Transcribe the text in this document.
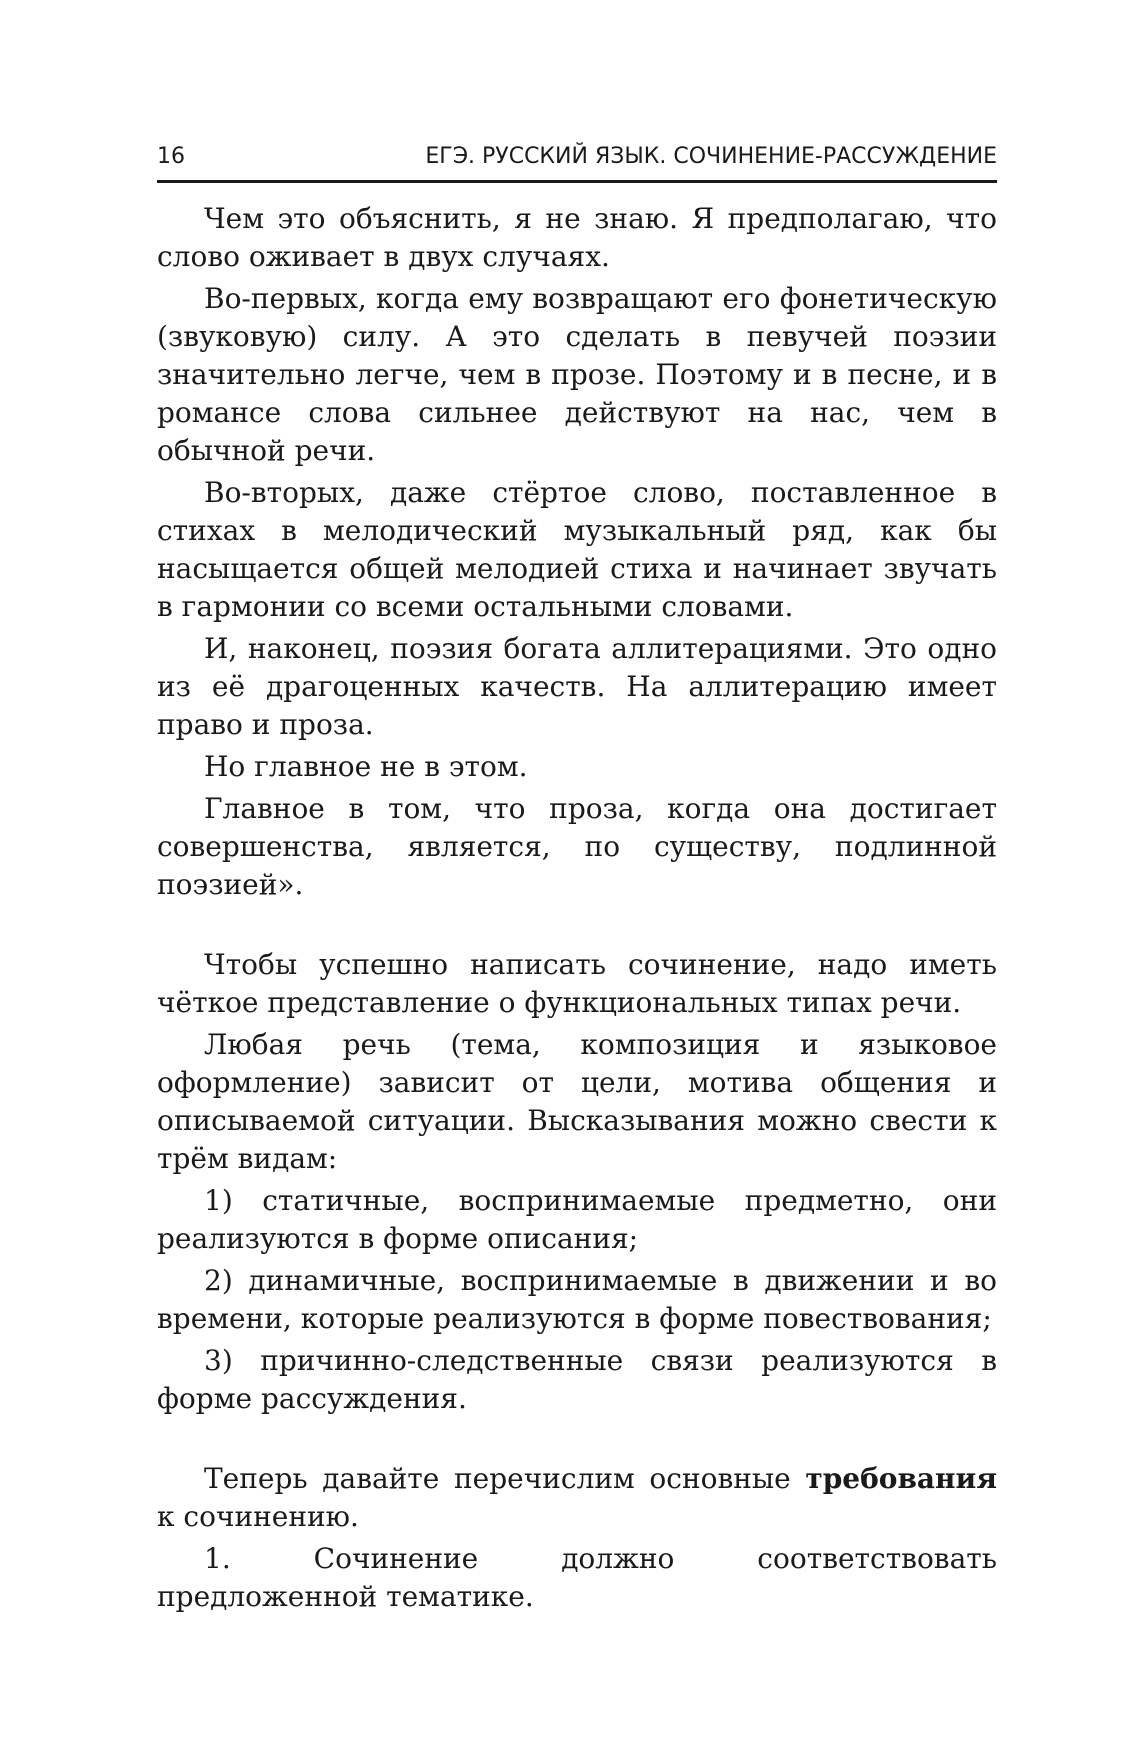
16	ЕГЭ. РУССКИЙ ЯЗЫК. СОЧИНЕНИЕ-РАССУЖДЕНИЕ

Чем это объяснить, я не знаю. Я предполагаю, что слово оживает в двух случаях.

Во-первых, когда ему возвращают его фонетическую (звуковую) силу. А это сделать в певучей поэзии значительно легче, чем в прозе. Поэтому и в песне, и в романсе слова сильнее действуют на нас, чем в обычной речи.

Во-вторых, даже стёртое слово, поставленное в стихах в мелодический музыкальный ряд, как бы насыщается общей мелодией стиха и начинает звучать в гармонии со всеми остальными словами.

И, наконец, поэзия богата аллитерациями. Это одно из её драгоценных качеств. На аллитерацию имеет право и проза.

Но главное не в этом.

Главное в том, что проза, когда она достигает совершенства, является, по существу, подлинной поэзией».

Чтобы успешно написать сочинение, надо иметь чёткое представление о функциональных типах речи.

Любая речь (тема, композиция и языковое оформление) зависит от цели, мотива общения и описываемой ситуации. Высказывания можно свести к трём видам:

1) статичные, воспринимаемые предметно, они реализуются в форме описания;

2) динамичные, воспринимаемые в движении и во времени, которые реализуются в форме повествования;

3) причинно-следственные связи реализуются в форме рассуждения.

Теперь давайте перечислим основные требования к сочинению.

1. Сочинение должно соответствовать предложенной тематике.
